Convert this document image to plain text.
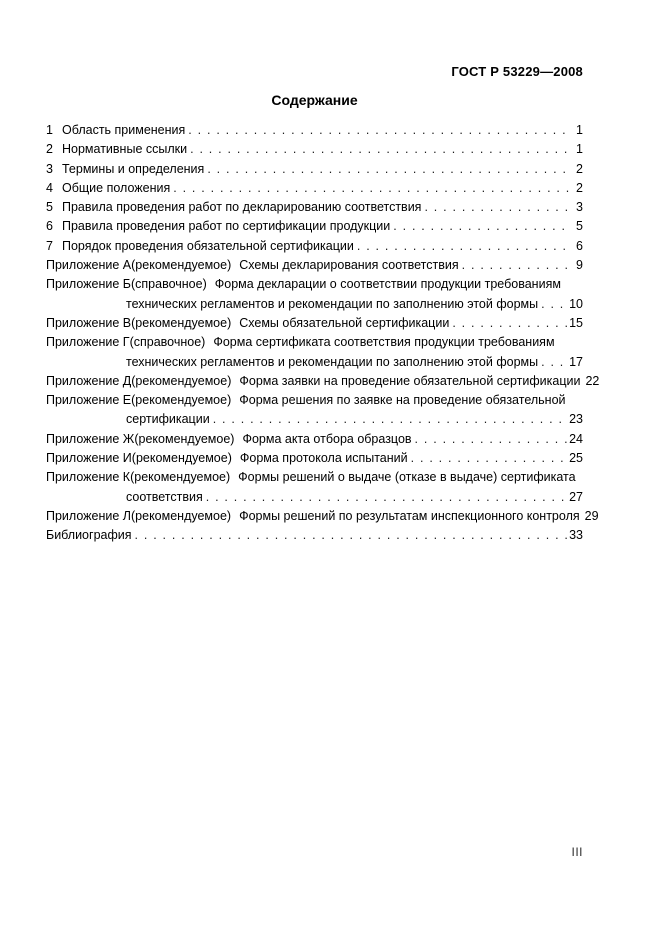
ГОСТ Р 53229—2008
Содержание
1 Область применения . . .	1
2 Нормативные ссылки . . .	1
3 Термины и определения . . .	2
4 Общие положения . . .	2
5 Правила проведения работ по декларированию соответствия . . .	3
6 Правила проведения работ по сертификации продукции . . .	5
7 Порядок проведения обязательной сертификации . . .	6
Приложение А (рекомендуемое) Схемы декларирования соответствия . . .	9
Приложение Б (справочное) Форма декларации о соответствии продукции требованиям
технических регламентов и рекомендации по заполнению этой формы . . . 10
Приложение В (рекомендуемое) Схемы обязательной сертификации . . .	15
Приложение Г (справочное) Форма сертификата соответствия продукции требованиям
технических регламентов и рекомендации по заполнению этой формы . . . 17
Приложение Д (рекомендуемое) Форма заявки на проведение обязательной сертификации 22
Приложение Е (рекомендуемое) Форма решения по заявке на проведение обязательной
сертификации . . .	23
Приложение Ж (рекомендуемое) Форма акта отбора образцов . . .	24
Приложение И (рекомендуемое) Форма протокола испытаний . . .	25
Приложение К (рекомендуемое) Формы решений о выдаче (отказе в выдаче) сертификата
соответствия . . .	27
Приложение Л (рекомендуемое) Формы решений по результатам инспекционного контроля 29
Библиография . . .	33
III
